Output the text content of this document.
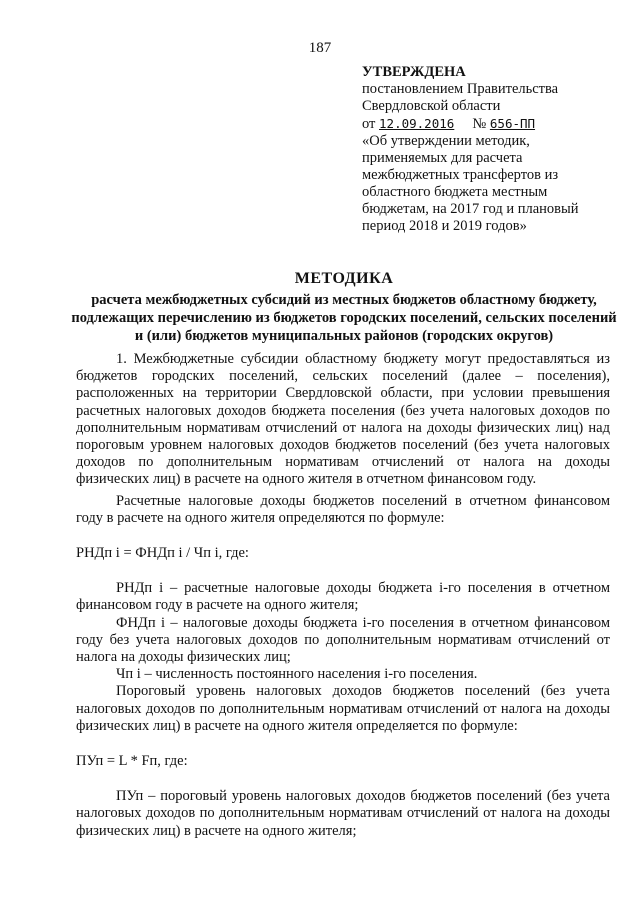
187
УТВЕРЖДЕНА
постановлением Правительства
Свердловской области
от 12.09.2016 № 656-ПП
«Об утверждении методик,
применяемых для расчета
межбюджетных трансфертов из
областного бюджета местным
бюджетам, на 2017 год и плановый
период 2018 и 2019 годов»
МЕТОДИКА
расчета межбюджетных субсидий из местных бюджетов областному бюджету, подлежащих перечислению из бюджетов городских поселений, сельских поселений и (или) бюджетов муниципальных районов (городских округов)

1. Межбюджетные субсидии областному бюджету могут предоставляться из бюджетов городских поселений, сельских поселений (далее – поселения), расположенных на территории Свердловской области, при условии превышения расчетных налоговых доходов бюджета поселения (без учета налоговых доходов по дополнительным нормативам отчислений от налога на доходы физических лиц) над пороговым уровнем налоговых доходов бюджетов поселений (без учета налоговых доходов по дополнительным нормативам отчислений от налога на доходы физических лиц) в расчете на одного жителя в отчетном финансовом году.

Расчетные налоговые доходы бюджетов поселений в отчетном финансовом году в расчете на одного жителя определяются по формуле:

РНДп i = ФНДп i / Чп i, где:

РНДп i – расчетные налоговые доходы бюджета i-го поселения в отчетном финансовом году в расчете на одного жителя;

ФНДп i – налоговые доходы бюджета i-го поселения в отчетном финансовом году без учета налоговых доходов по дополнительным нормативам отчислений от налога на доходы физических лиц;

Чп i – численность постоянного населения i-го поселения.

Пороговый уровень налоговых доходов бюджетов поселений (без учета налоговых доходов по дополнительным нормативам отчислений от налога на доходы физических лиц) в расчете на одного жителя определяется по формуле:

ПУп = L * Fп, где:

ПУп – пороговый уровень налоговых доходов бюджетов поселений (без учета налоговых доходов по дополнительным нормативам отчислений от налога на доходы физических лиц) в расчете на одного жителя;
